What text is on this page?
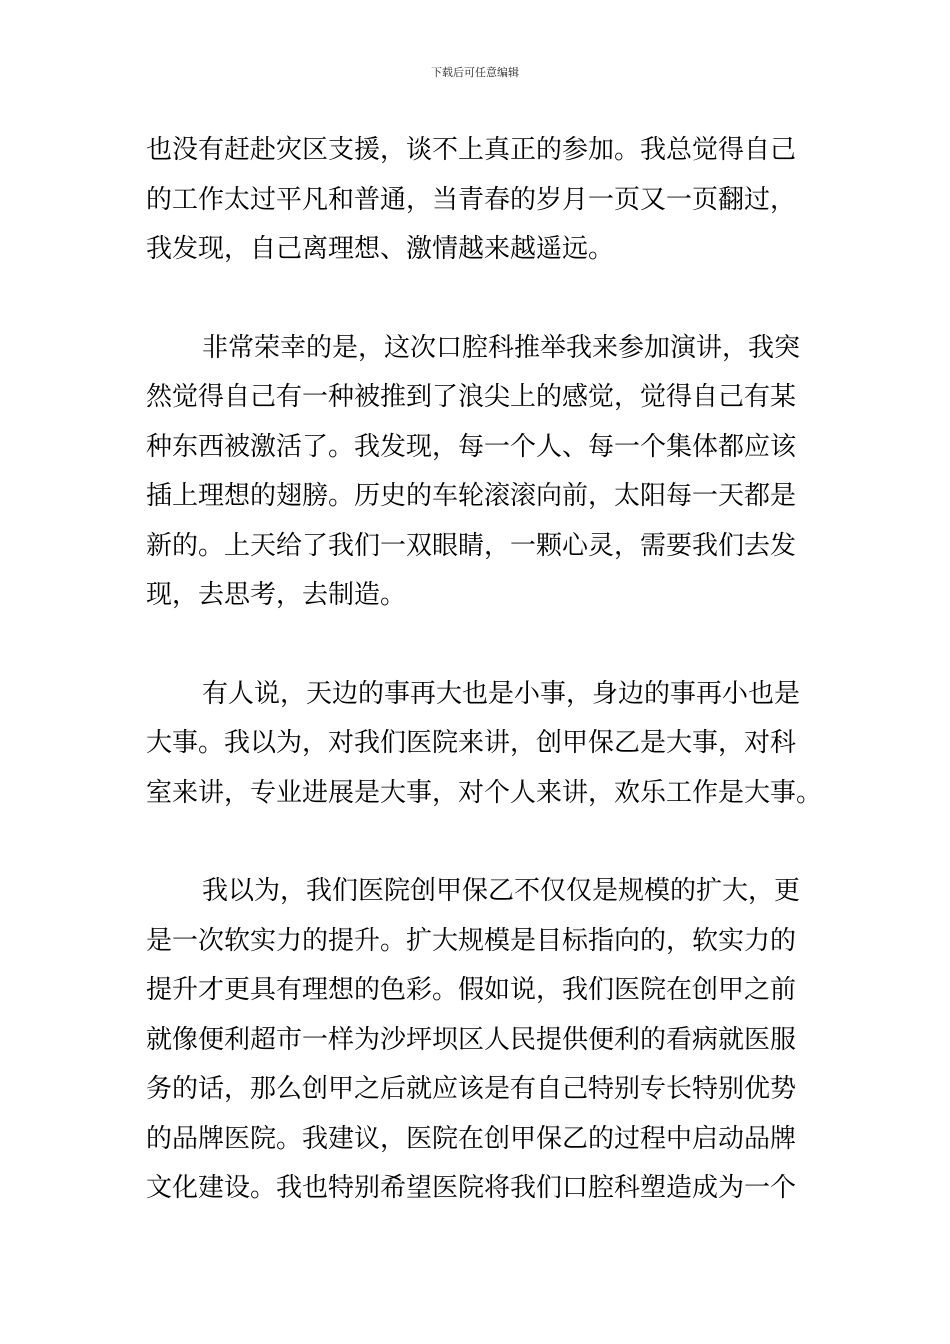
下载后可任意编辑

也没有赶赴灾区支援，谈不上真正的参加。我总觉得自己
的工作太过平凡和普通，当青春的岁月一页又一页翻过，
我发现，自己离理想、激情越来越遥远。

非常荣幸的是，这次口腔科推举我来参加演讲，我突
然觉得自己有一种被推到了浪尖上的感觉，觉得自己有某
种东西被激活了。我发现，每一个人、每一个集体都应该
插上理想的翅膀。历史的车轮滚滚向前，太阳每一天都是
新的。上天给了我们一双眼睛，一颗心灵，需要我们去发
现，去思考，去制造。

有人说，天边的事再大也是小事，身边的事再小也是
大事。我以为，对我们医院来讲，创甲保乙是大事，对科
室来讲，专业进展是大事，对个人来讲，欢乐工作是大事。

我以为，我们医院创甲保乙不仅仅是规模的扩大，更
是一次软实力的提升。扩大规模是目标指向的，软实力的
提升才更具有理想的色彩。假如说，我们医院在创甲之前
就像便利超市一样为沙坪坝区人民提供便利的看病就医服
务的话，那么创甲之后就应该是有自己特别专长特别优势
的品牌医院。我建议，医院在创甲保乙的过程中启动品牌
文化建设。我也特别希望医院将我们口腔科塑造成为一个
